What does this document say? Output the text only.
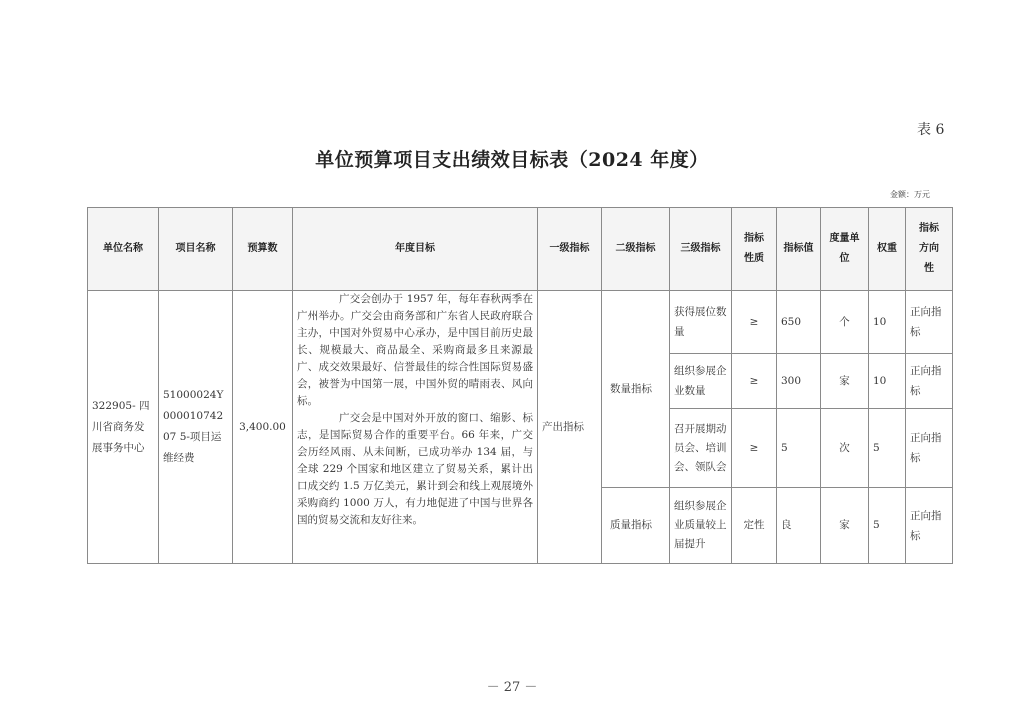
表 6
单位预算项目支出绩效目标表（2024 年度）
金额：万元
单位名称	项目名称	预算数	年度目标	一级指标	二级指标	三级指标	指标性质	指标值	度量单位	权重	指标方向性
322905- 四川省商务发展事务中心	51000024Y00001074207 5-项目运维经费	3,400.00	广交会创办于 1957 年，每年春秋两季在广州举办。广交会由商务部和广东省人民政府联合主办，中国对外贸易中心承办，是中国目前历史最长、规模最大、商品最全、采购商最多且来源最广、成交效果最好、信誉最佳的综合性国际贸易盛会，被誉为中国第一展，中国外贸的晴雨表、风向标。

广交会是中国对外开放的窗口、缩影、标志，是国际贸易合作的重要平台。66 年来，广交会历经风雨、从未间断，已成功举办 134 届，与全球 229 个国家和地区建立了贸易关系，累计出口成交约 1.5 万亿美元，累计到会和线上观展境外采购商约 1000 万人，有力地促进了中国与世界各国的贸易交流和友好往来。	产出指标	数量指标	获得展位数量	≥	650	个	10	正向指标
						组织参展企业数量	≥	300	家	10	正向指标
						召开展期动员会、培训会、领队会	≥	5	次	5	正向指标
					质量指标	组织参展企业质量较上届提升	定性	良	家	5	正向指标
－ 27 －
